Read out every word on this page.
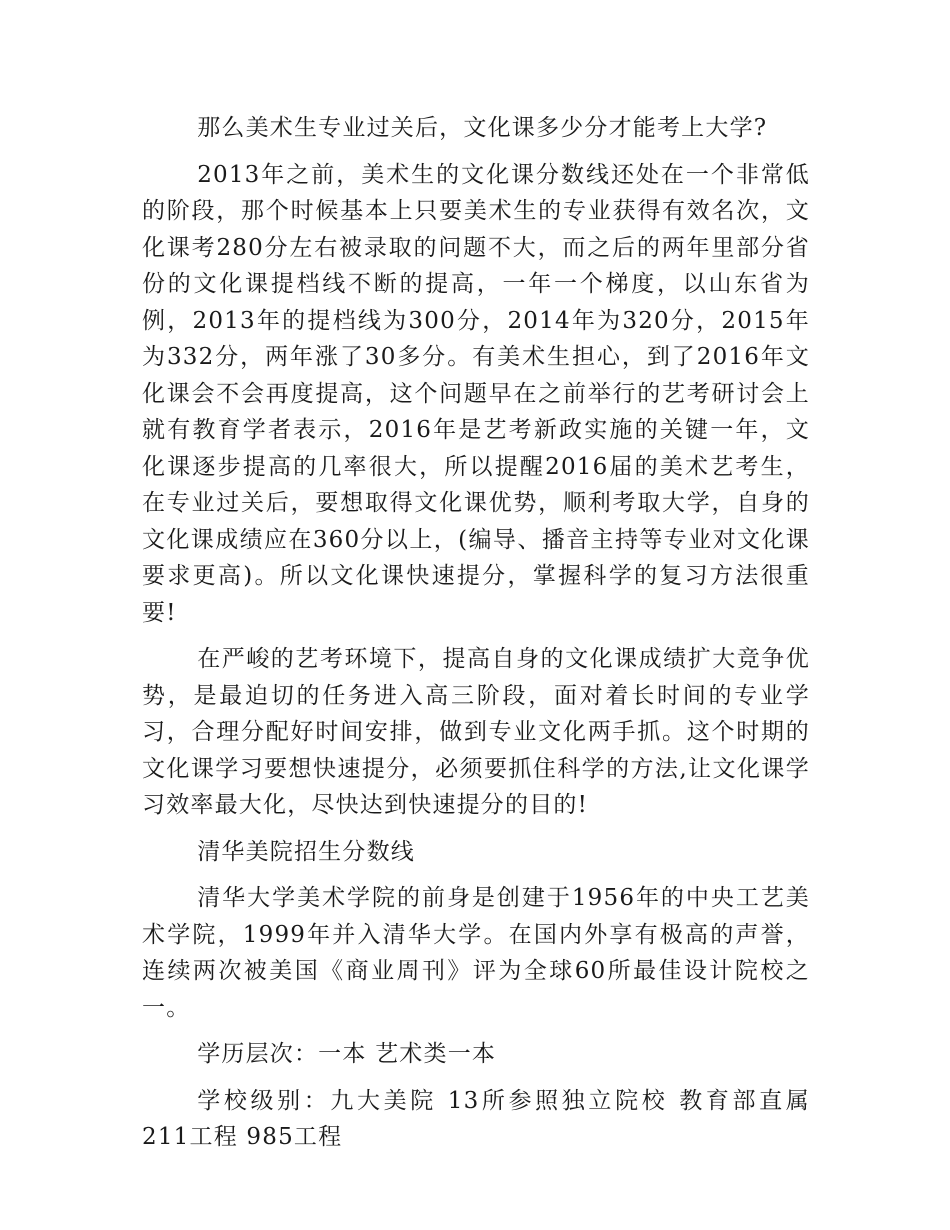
那么美术生专业过关后，文化课多少分才能考上大学?

2013年之前，美术生的文化课分数线还处在一个非常低的阶段，那个时候基本上只要美术生的专业获得有效名次，文化课考280分左右被录取的问题不大，而之后的两年里部分省份的文化课提档线不断的提高，一年一个梯度，以山东省为例，2013年的提档线为300分，2014年为320分，2015年为332分，两年涨了30多分。有美术生担心，到了2016年文化课会不会再度提高，这个问题早在之前举行的艺考研讨会上就有教育学者表示，2016年是艺考新政实施的关键一年，文化课逐步提高的几率很大，所以提醒2016届的美术艺考生，在专业过关后，要想取得文化课优势，顺利考取大学，自身的文化课成绩应在360分以上，(编导、播音主持等专业对文化课要求更高)。所以文化课快速提分，掌握科学的复习方法很重要!

在严峻的艺考环境下，提高自身的文化课成绩扩大竞争优势，是最迫切的任务进入高三阶段，面对着长时间的专业学习，合理分配好时间安排，做到专业文化两手抓。这个时期的文化课学习要想快速提分，必须要抓住科学的方法,让文化课学习效率最大化，尽快达到快速提分的目的!

清华美院招生分数线

清华大学美术学院的前身是创建于1956年的中央工艺美术学院，1999年并入清华大学。在国内外享有极高的声誉，连续两次被美国《商业周刊》评为全球60所最佳设计院校之一。

学历层次：一本 艺术类一本

学校级别：九大美院 13所参照独立院校 教育部直属 211工程 985工程
